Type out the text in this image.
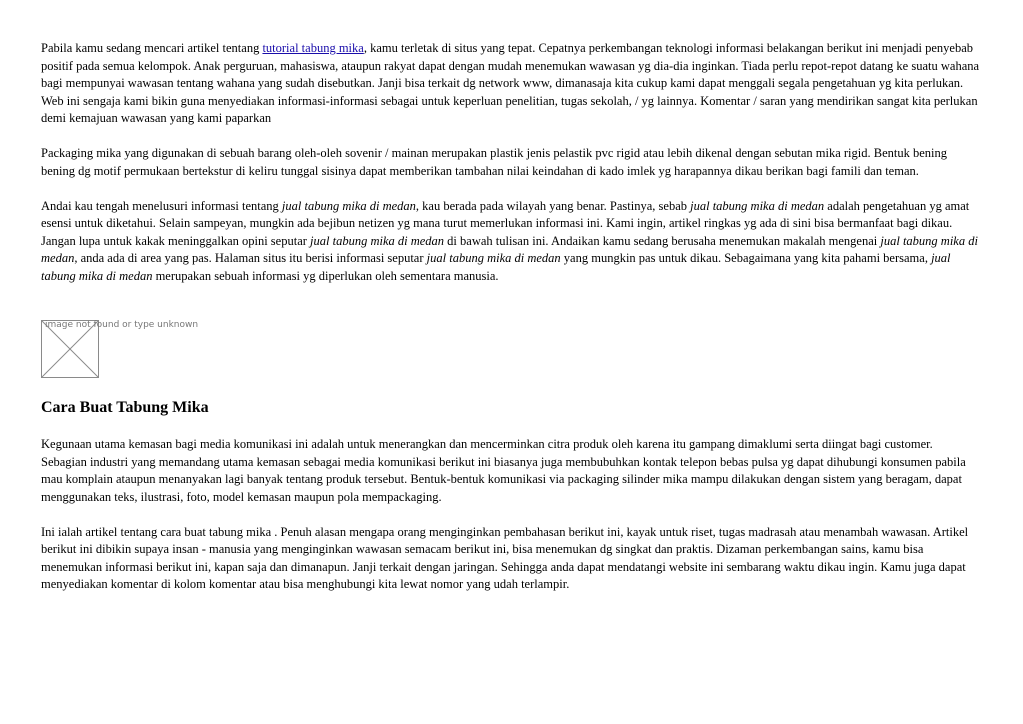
Pabila kamu sedang mencari artikel tentang tutorial tabung mika, kamu terletak di situs yang tepat. Cepatnya perkembangan teknologi informasi belakangan berikut ini menjadi penyebab positif pada semua kelompok. Anak perguruan, mahasiswa, ataupun rakyat dapat dengan mudah menemukan wawasan yg dia-dia inginkan. Tiada perlu repot-repot datang ke suatu wahana bagi mempunyai wawasan tentang wahana yang sudah disebutkan. Janji bisa terkait dg network www, dimanasaja kita cukup kami dapat menggali segala pengetahuan yg kita perlukan. Web ini sengaja kami bikin guna menyediakan informasi-informasi sebagai untuk keperluan penelitian, tugas sekolah, / yg lainnya. Komentar / saran yang mendirikan sangat kita perlukan demi kemajuan wawasan yang kami paparkan

Packaging mika yang digunakan di sebuah barang oleh-oleh sovenir / mainan merupakan plastik jenis pelastik pvc rigid atau lebih dikenal dengan sebutan mika rigid. Bentuk bening bening dg motif permukaan bertekstur di keliru tunggal sisinya dapat memberikan tambahan nilai keindahan di kado imlek yg harapannya dikau berikan bagi famili dan teman.

Andai kau tengah menelusuri informasi tentang jual tabung mika di medan, kau berada pada wilayah yang benar. Pastinya, sebab jual tabung mika di medan adalah pengetahuan yg amat esensi untuk diketahui. Selain sampeyan, mungkin ada bejibun netizen yg mana turut memerlukan informasi ini. Kami ingin, artikel ringkas yg ada di sini bisa bermanfaat bagi dikau. Jangan lupa untuk kakak meninggalkan opini seputar jual tabung mika di medan di bawah tulisan ini. Andaikan kamu sedang berusaha menemukan makalah mengenai jual tabung mika di medan, anda ada di area yang pas. Halaman situs itu berisi informasi seputar jual tabung mika di medan yang mungkin pas untuk dikau. Sebagaimana yang kita pahami bersama, jual tabung mika di medan merupakan sebuah informasi yg diperlukan oleh sementara manusia.

image not found or type unknown
Cara Buat Tabung Mika

Kegunaan utama kemasan bagi media komunikasi ini adalah untuk menerangkan dan mencerminkan citra produk oleh karena itu gampang dimaklumi serta diingat bagi customer. Sebagian industri yang memandang utama kemasan sebagai media komunikasi berikut ini biasanya juga membubuhkan kontak telepon bebas pulsa yg dapat dihubungi konsumen pabila mau komplain ataupun menanyakan lagi banyak tentang produk tersebut. Bentuk-bentuk komunikasi via packaging silinder mika mampu dilakukan dengan sistem yang beragam, dapat menggunakan teks, ilustrasi, foto, model kemasan maupun pola mempackaging.

Ini ialah artikel tentang cara buat tabung mika . Penuh alasan mengapa orang menginginkan pembahasan berikut ini, kayak untuk riset, tugas madrasah atau menambah wawasan. Artikel berikut ini dibikin supaya insan - manusia yang menginginkan wawasan semacam berikut ini, bisa menemukan dg singkat dan praktis. Dizaman perkembangan sains, kamu bisa menemukan informasi berikut ini, kapan saja dan dimanapun. Janji terkait dengan jaringan. Sehingga anda dapat mendatangi website ini sembarang waktu dikau ingin. Kamu juga dapat menyediakan komentar di kolom komentar atau bisa menghubungi kita lewat nomor yang udah terlampir.
